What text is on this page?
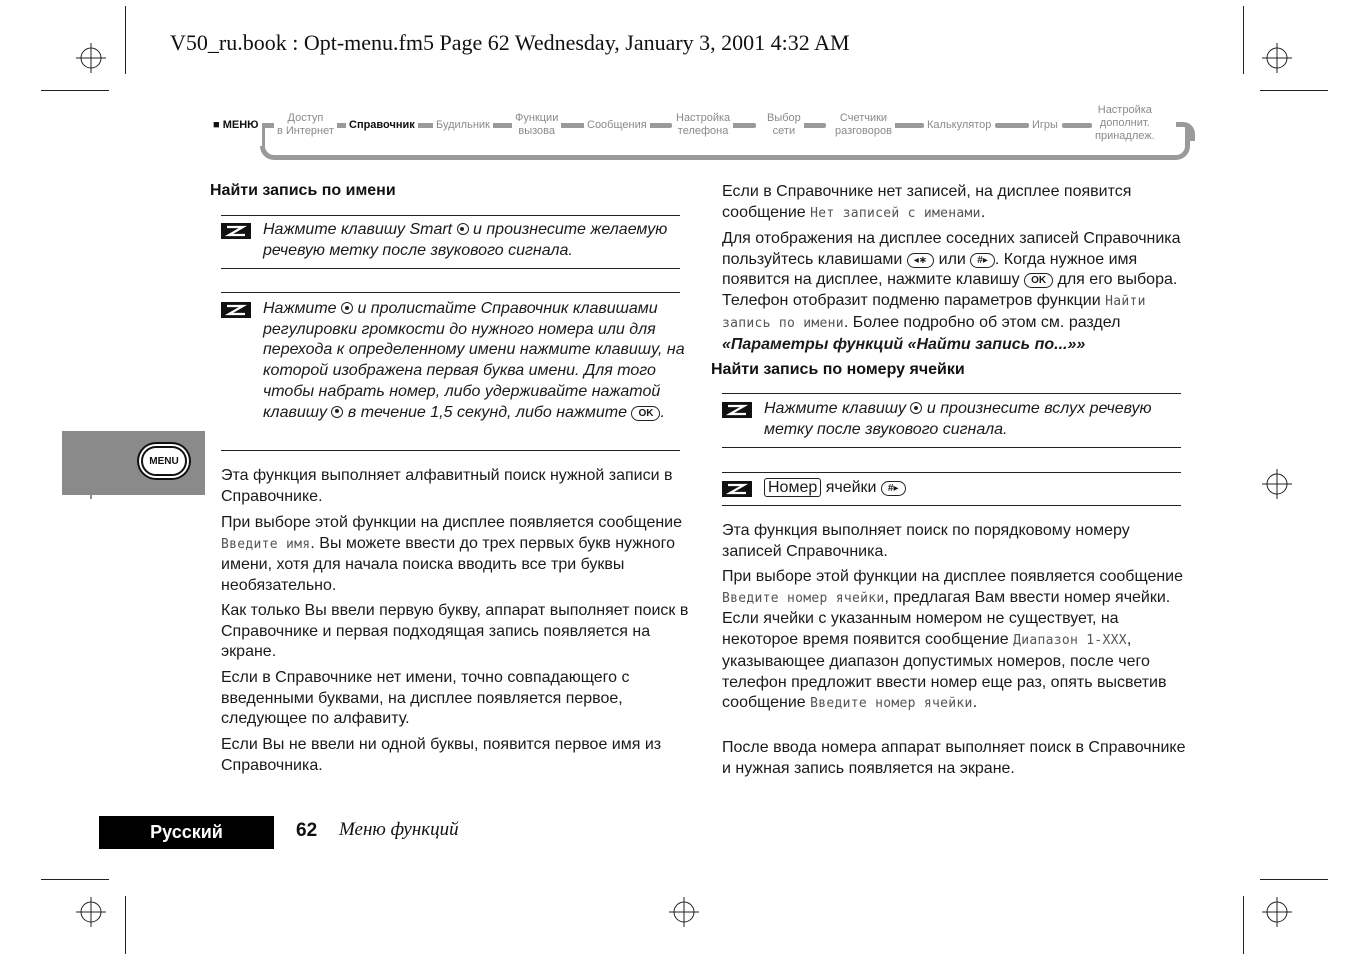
V50_ru.book : Opt-menu.fm5 Page 62 Wednesday, January 3, 2001 4:32 AM
■ МЕНЮ
Доступ
в Интернет
Справочник Будильник
Функции
вызова
Сообщения
Настройка
телефона
Выбор
сети
Счетчики
разговоров
Калькулятор	Игры
Настройка
дополнит.
принадлеж.
Найти запись по имени
Нажмите клавишу Smart  и произнесите желаемую речевую метку после звукового сигнала.
Нажмите  и пролистайте Справочник клавишами регулировки громкости до нужного номера или для перехода к определенному имени нажмите клавишу, на которой изображена первая буква имени. Для того чтобы набрать номер, либо удерживайте нажатой клавишу  в течение 1,5 секунд, либо нажмите OK .
Эта функция выполняет алфавитный поиск нужной записи в Справочнике.
При выборе этой функции на дисплее появляется сообщение Введите имя. Вы можете ввести до трех первых букв нужного имени, хотя для начала поиска вводить все три буквы необязательно.
Как только Вы ввели первую букву, аппарат выполняет поиск в Справочнике и первая подходящая запись появляется на экране.
Если в Справочнике нет имени, точно совпадающего с введенными буквами, на дисплее появляется первое, следующее по алфавиту.
Если Вы не ввели ни одной буквы, появится первое имя из Справочника.
MENU
Если в Справочнике нет записей, на дисплее появится сообщение Нет записей с именами.
Для отображения на дисплее соседних записей Справочника пользуйтесь клавишами ◂∗ или #▸ . Когда нужное имя появится на дисплее, нажмите клавишу OK для его выбора. Телефон отобразит подменю параметров функции Найти запись по имени. Более подробно об этом см. раздел «Параметры функций «Найти запись по...»»
Найти запись по номеру ячейки
Нажмите клавишу  и произнесите вслух речевую метку после звукового сигнала.
Номер ячейки #▸
Эта функция выполняет поиск по порядковому номеру записей Справочника.
При выборе этой функции на дисплее появляется сообщение Введите номер ячейки, предлагая Вам ввести номер ячейки. Если ячейки с указанным номером не существует, на некоторое время появится сообщение Диапазон 1-XXX, указывающее диапазон допустимых номеров, после чего телефон предложит ввести номер еще раз, опять высветив сообщение Введите номер ячейки.
После ввода номера аппарат выполняет поиск в Справочнике и нужная запись появляется на экране.
Русский	62 Меню функций
